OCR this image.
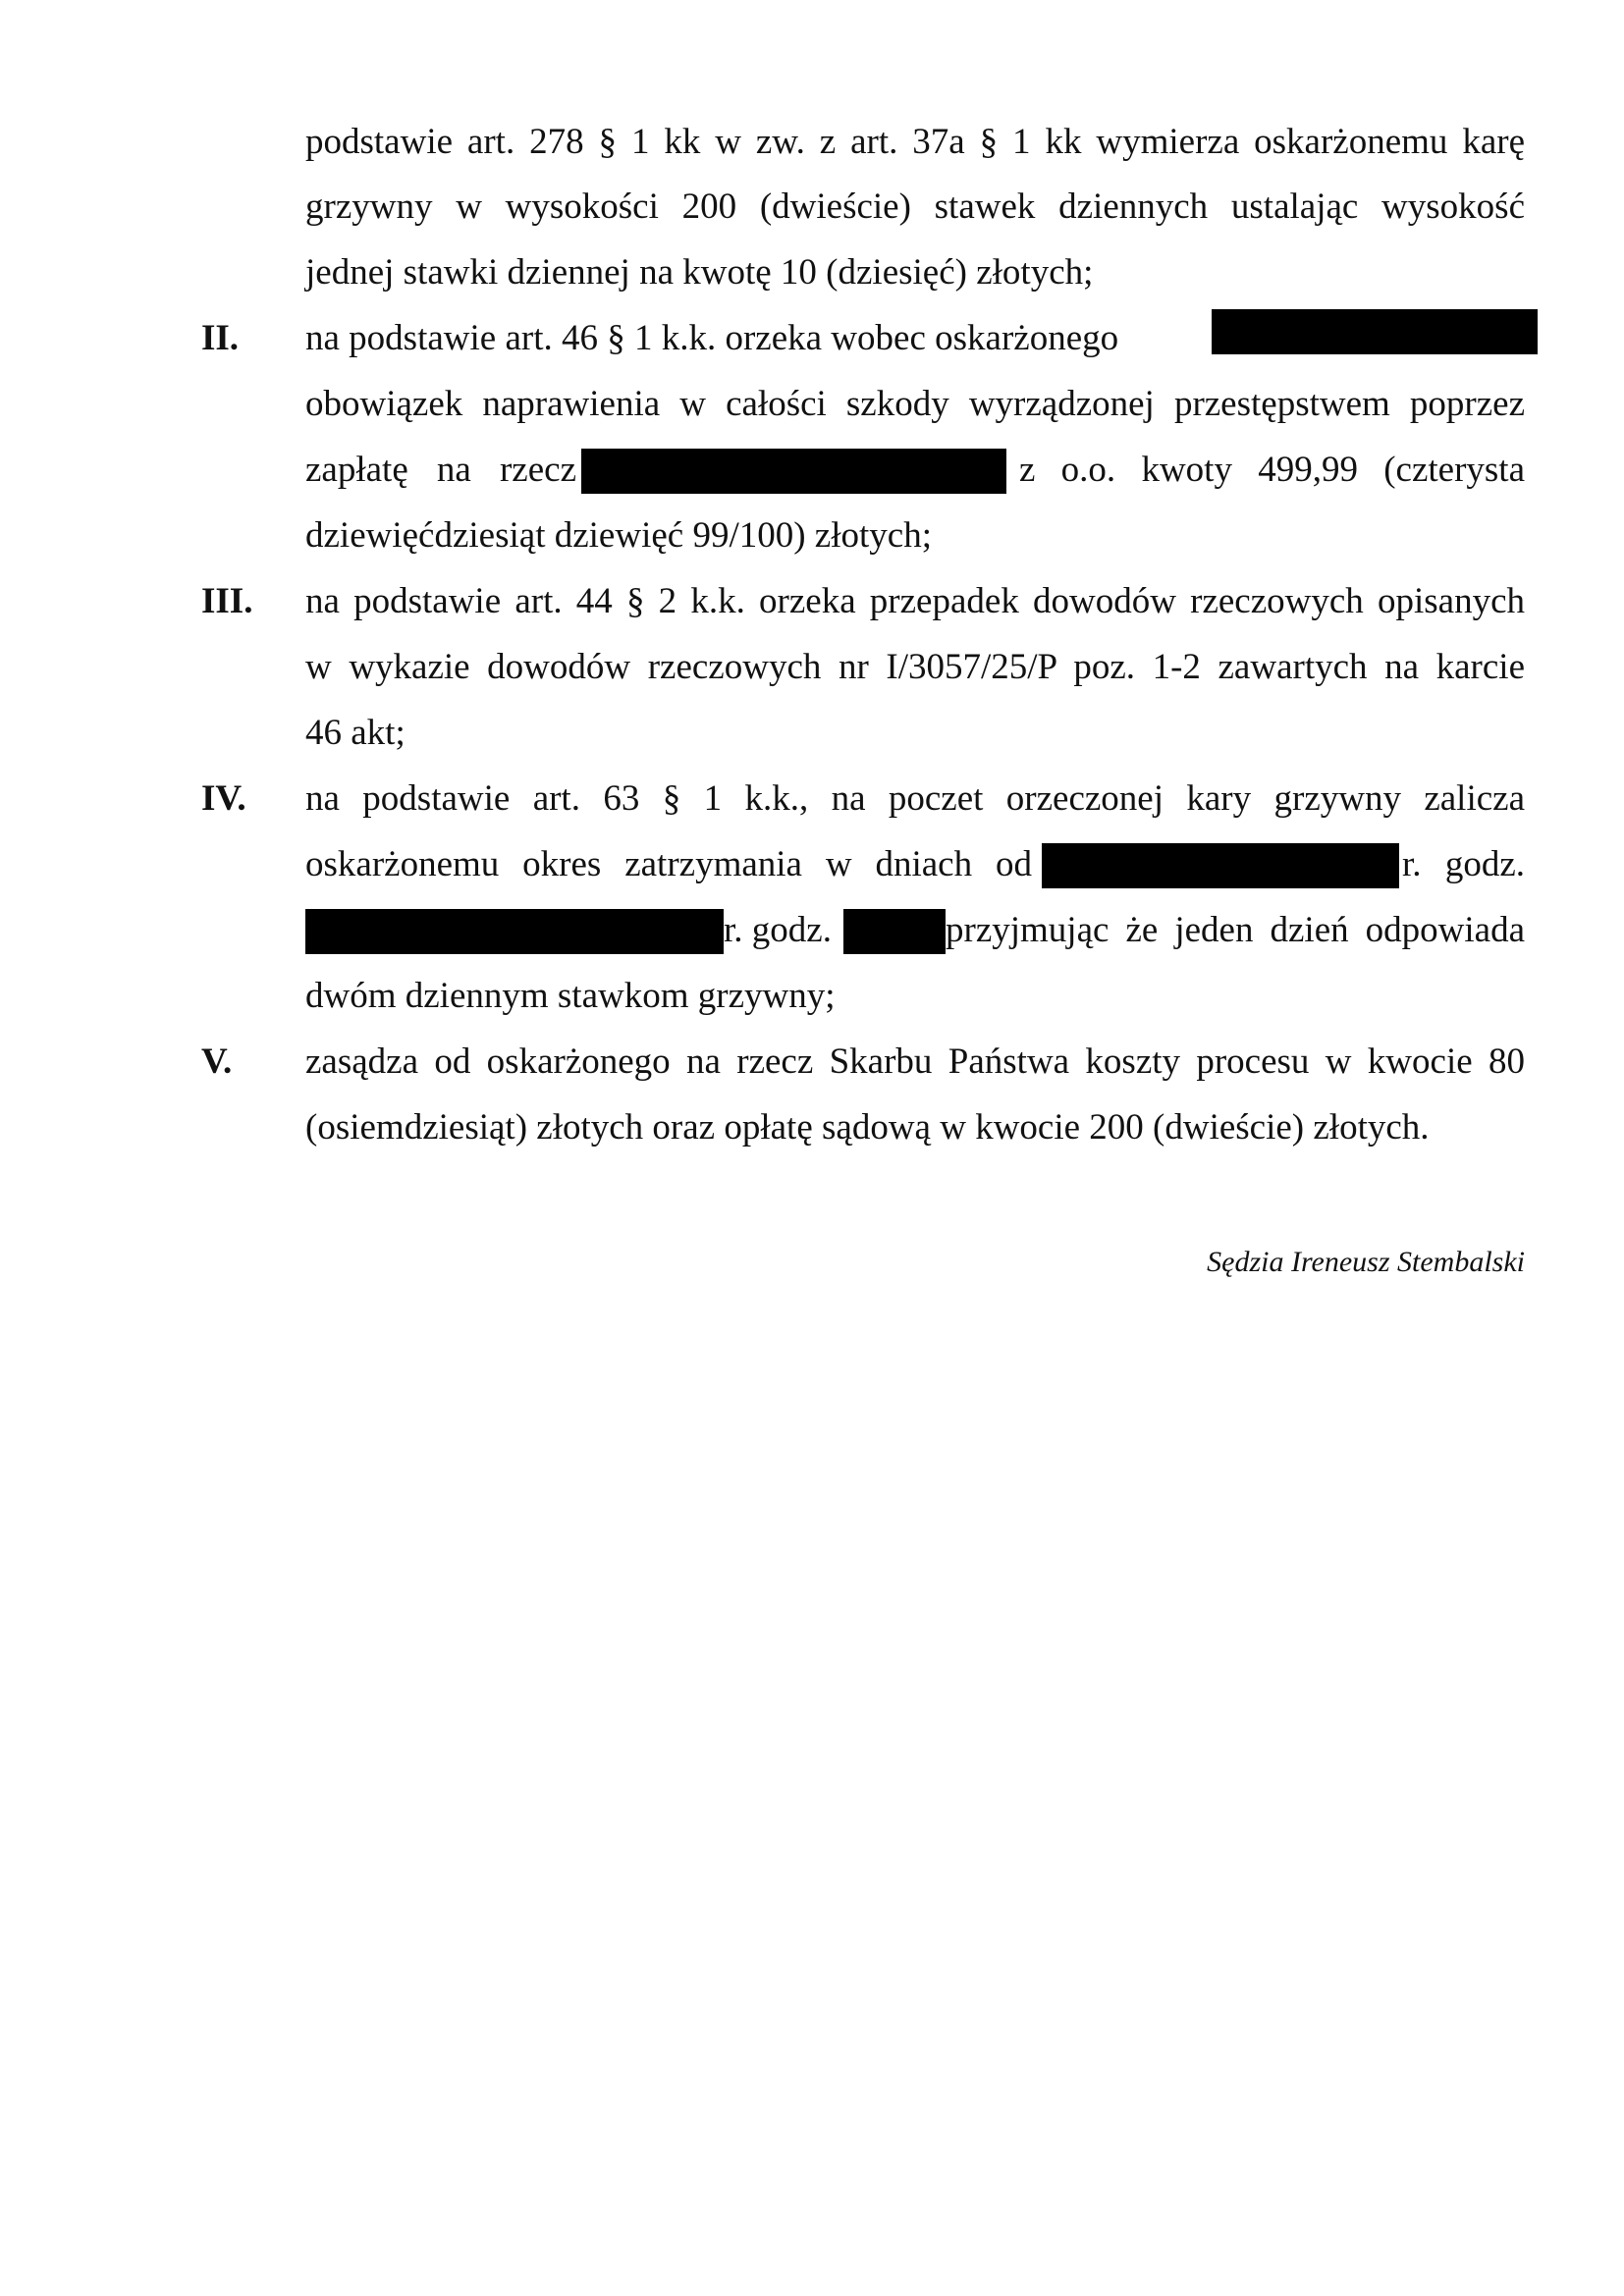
podstawie art. 278 § 1 kk w zw. z art. 37a § 1 kk wymierza oskarżonemu karę
grzywny w wysokości 200 (dwieście) stawek dziennych ustalając wysokość
jednej stawki dziennej na kwotę 10 (dziesięć) złotych;
II. na podstawie art. 46 § 1 k.k. orzeka wobec oskarżonego
obowiązek naprawienia w całości szkody wyrządzonej przestępstwem poprzez
zapłatę na rzecz	z o.o. kwoty 499,99 (czterysta
dziewięćdziesiąt dziewięć 99/100) złotych;
III. na podstawie art. 44 § 2 k.k. orzeka przepadek dowodów rzeczowych opisanych
w wykazie dowodów rzeczowych nr I/3057/25/P poz. 1-2 zawartych na karcie
46 akt;
IV. na podstawie art. 63 § 1 k.k., na poczet orzeczonej kary grzywny zalicza
oskarżonemu okres zatrzymania w dniach od	r. godz.
r. godz.	przyjmując że jeden dzień odpowiada
dwóm dziennym stawkom grzywny;
V. zasądza od oskarżonego na rzecz Skarbu Państwa koszty procesu w kwocie 80
(osiemdziesiąt) złotych oraz opłatę sądową w kwocie 200 (dwieście) złotych.
Sędzia Ireneusz Stembalski
